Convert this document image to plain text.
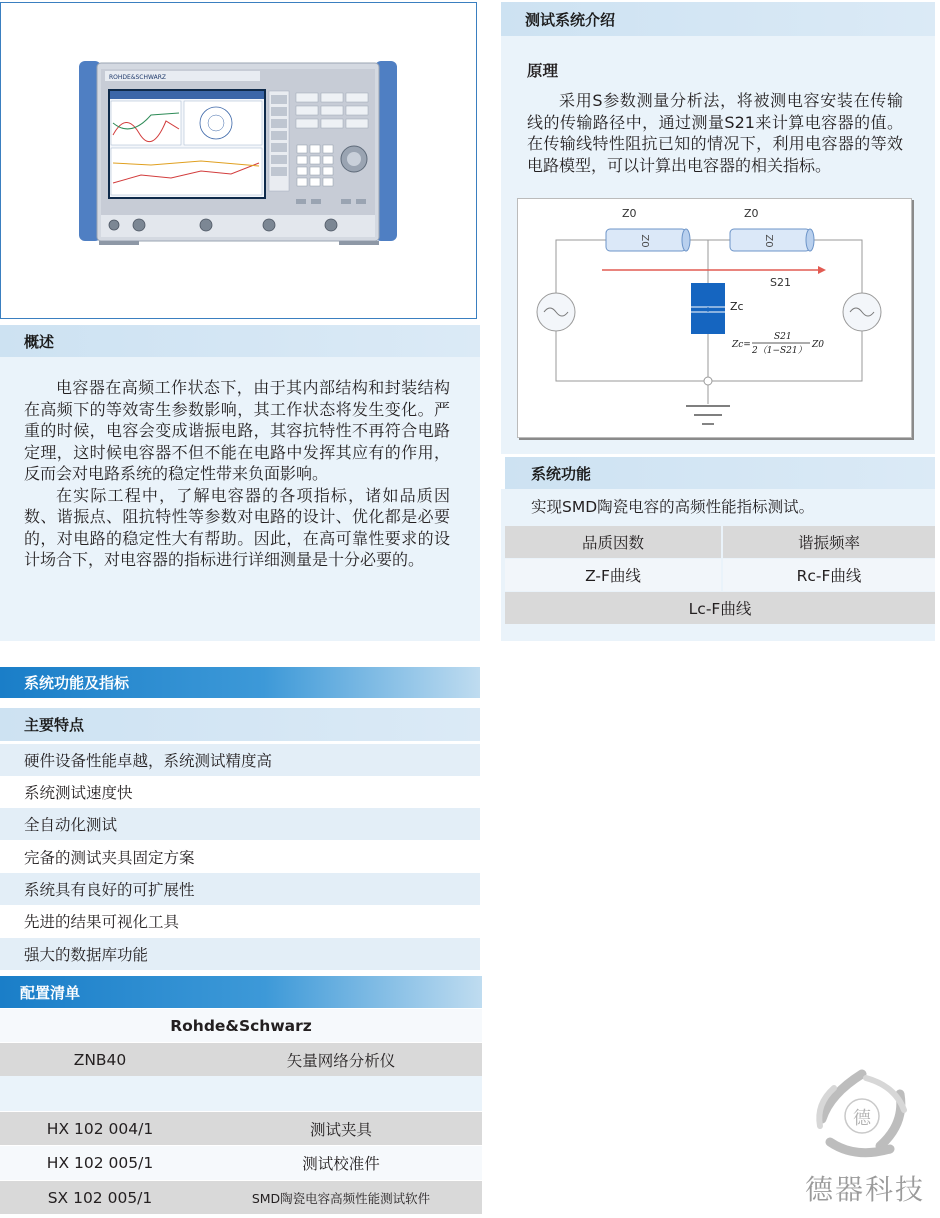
ROHDE&SCHWARZ
概述

电容器在高频工作状态下，由于其内部结构和封装结构在高频下的等效寄生参数影响，其工作状态将发生变化。严重的时候，电容会变成谐振电路，其容抗特性不再符合电路定理，这时候电容器不但不能在电路中发挥其应有的作用，反而会对电路系统的稳定性带来负面影响。

在实际工程中，了解电容器的各项指标，诸如品质因数、谐振点、阻抗特性等参数对电路的设计、优化都是必要的，对电路的稳定性大有帮助。因此，在高可靠性要求的设计场合下，对电容器的指标进行详细测量是十分必要的。

系统功能及指标
主要特点
硬件设备性能卓越，系统测试精度高
系统测试速度快
全自动化测试
完备的测试夹具固定方案
系统具有良好的可扩展性
先进的结果可视化工具
强大的数据库功能
配置清单
Rohde&Schwarz
ZNB40	矢量网络分析仪
HX 102 004/1	测试夹具
HX 102 005/1	测试校准件
SX 102 005/1	SMD陶瓷电容高频性能测试软件
测试系统介绍
原理

采用S参数测量分析法，将被测电容安装在传输线的传输路径中，通过测量S21来计算电容器的值。在传输线特性阻抗已知的情况下，利用电容器的等效电路模型，可以计算出电容器的相关指标。

Z0	Z0
Z0	Z0
S21
Zc
Zc=
S21
2（1−S21）
Z0
系统功能
实现SMD陶瓷电容的高频性能指标测试。
品质因数	谐振频率
Z-F曲线	Rc-F曲线
Lc-F曲线
德
德器科技
